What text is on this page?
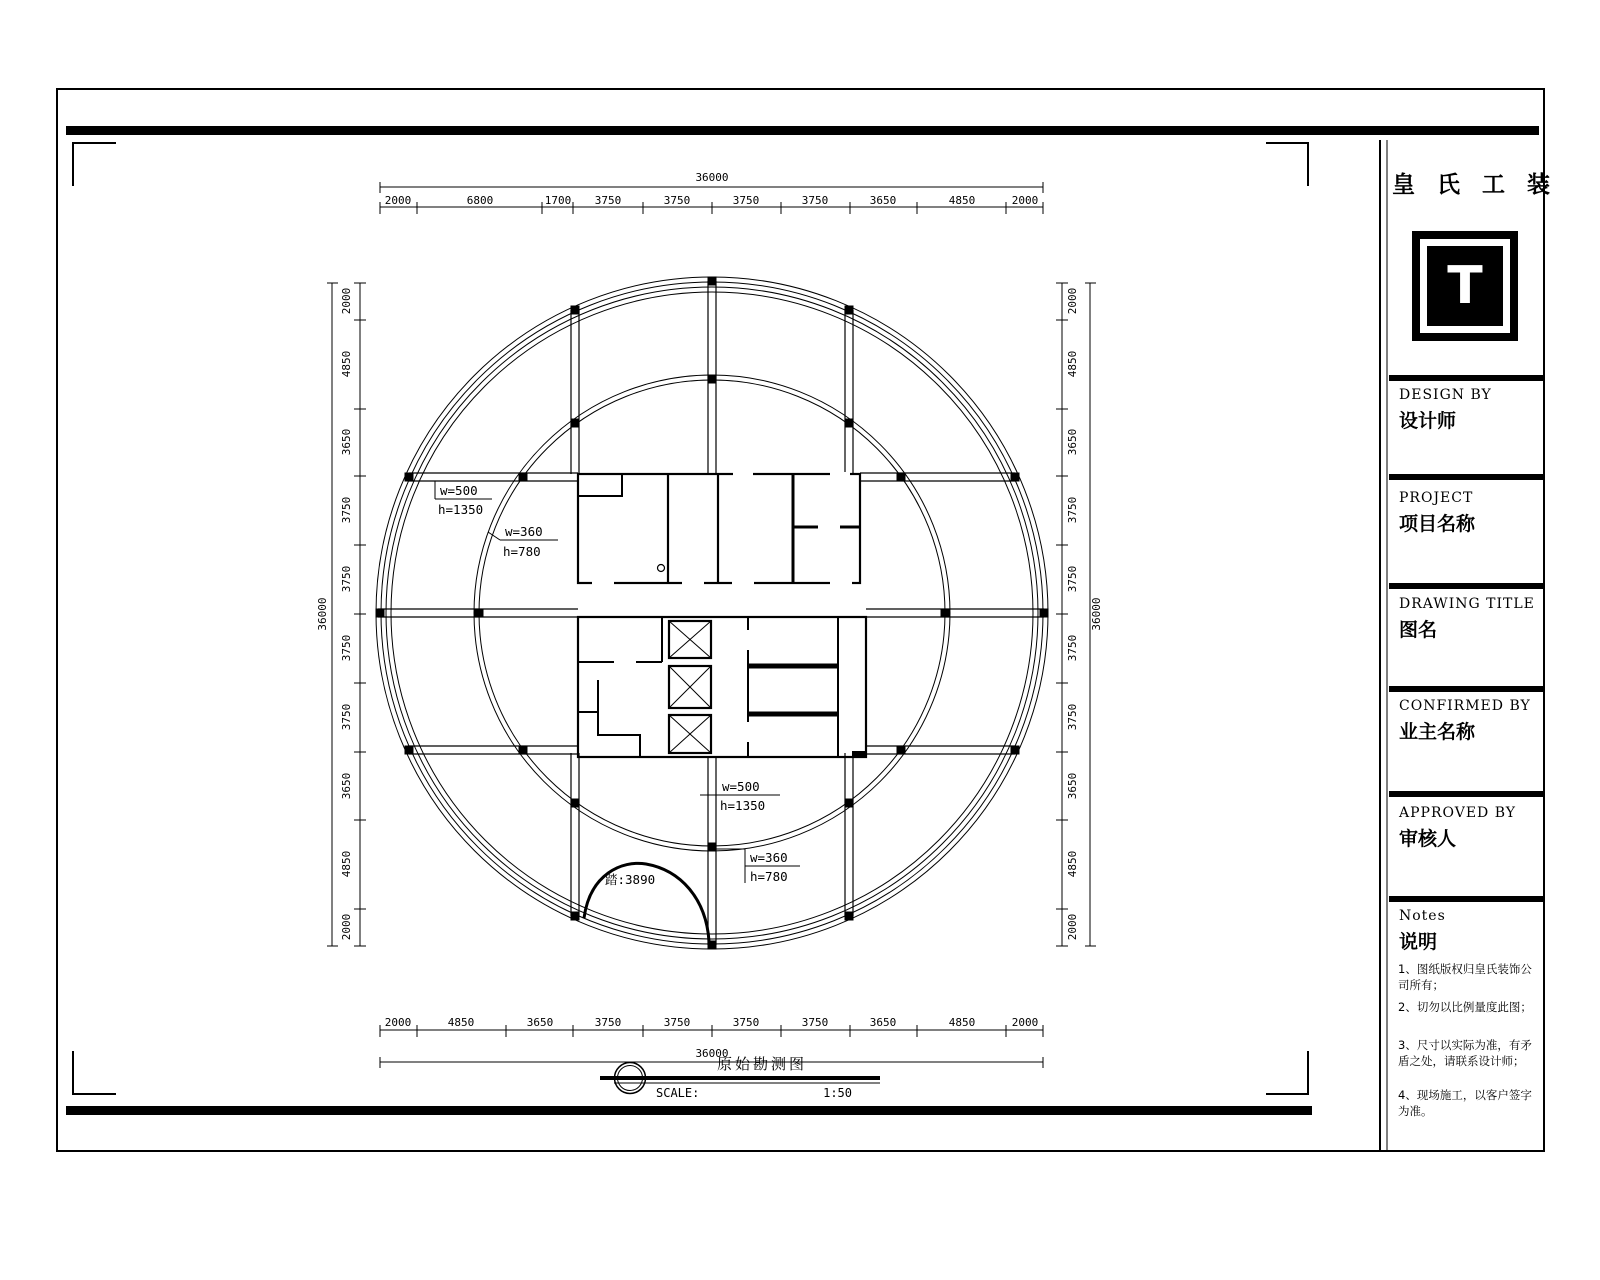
踏:3890
w=500
h=1350
w=360
h=780
w=500
h=1350
w=360
h=780
36000
2000	6800	1700 3750	3750	3750	3750	3650	4850	2000
36000
2000	4850	3650	3750	3750	3750	3750	3650	4850	2000
36000
2000
4850
3650
3750
3750
3750
3750
3650
4850
2000
36000
2000
4850
3650
3750
3750
3750
3750
3650
4850
2000
原始勘测图
SCALE:	1:50
皇 氏 工 装
T
DESIGN BY
设计师
PROJECT
项目名称
DRAWING TITLE
图名
CONFIRMED BY
业主名称
APPROVED BY
审核人
Notes
说明
1、图纸版权归皇氏装饰公司所有；
2、切勿以比例量度此图；
3、尺寸以实际为准，有矛盾之处，请联系设计师；
4、现场施工，以客户签字为准。
